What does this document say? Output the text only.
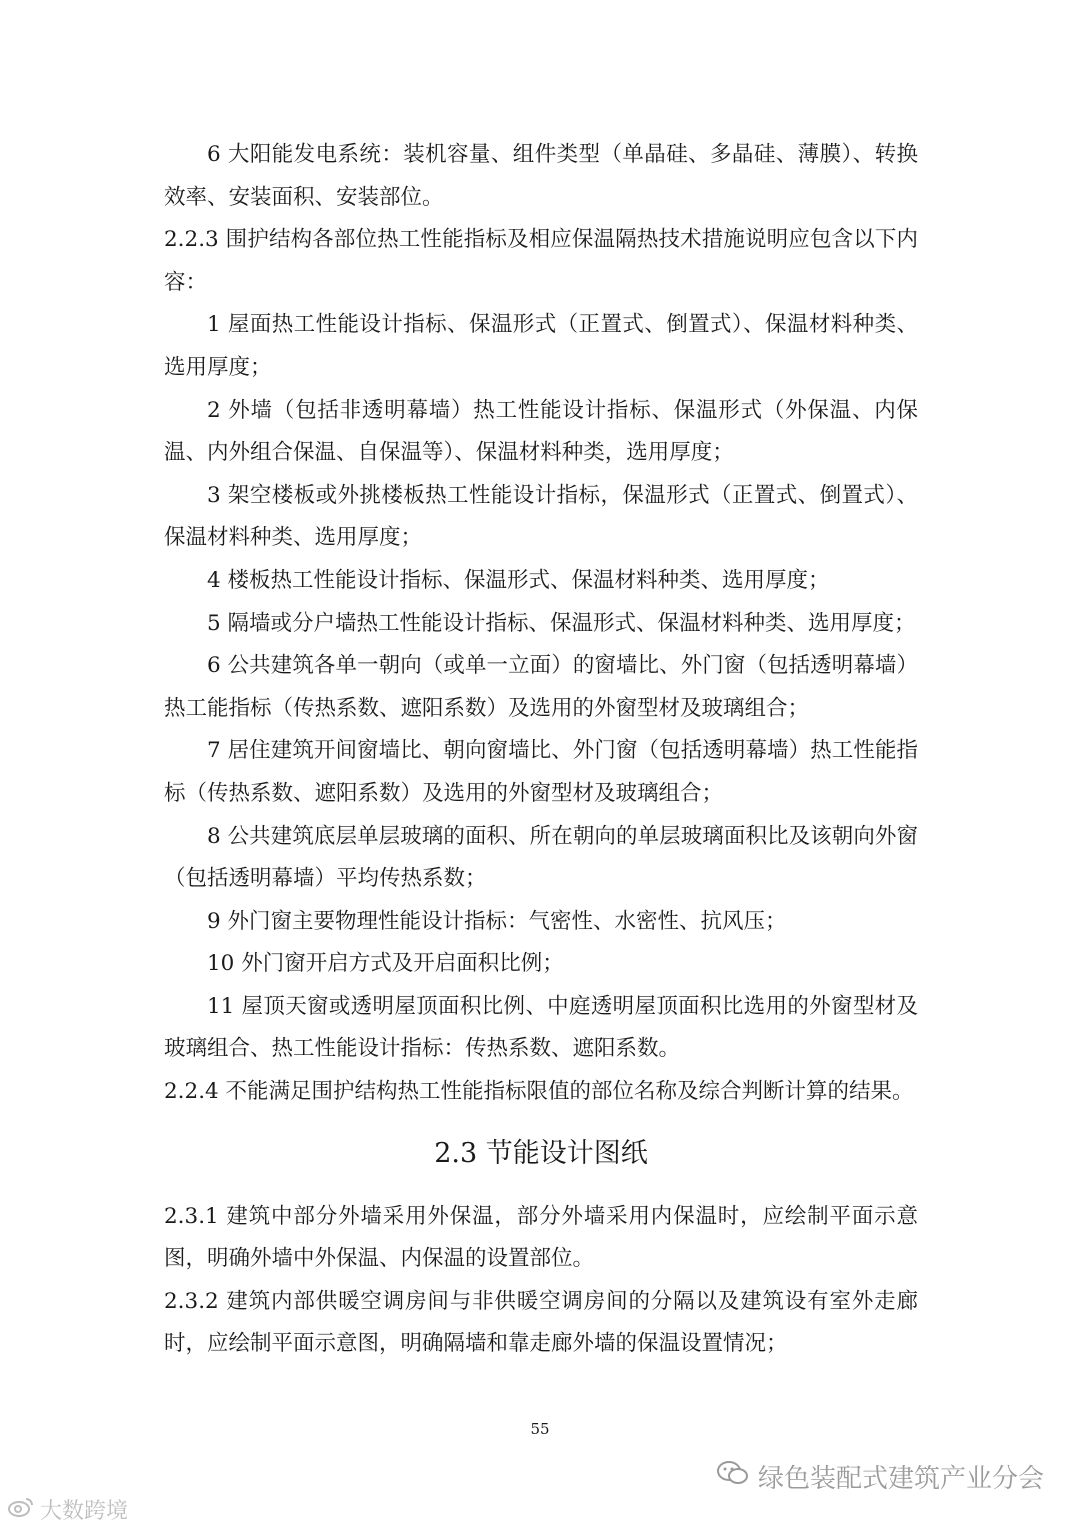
6 大阳能发电系统：装机容量、组件类型（单晶硅、多晶硅、薄膜）、转换效率、安装面积、安装部位。

2.2.3 围护结构各部位热工性能指标及相应保温隔热技术措施说明应包含以下内容：

1 屋面热工性能设计指标、保温形式（正置式、倒置式）、保温材料种类、选用厚度；

2 外墙（包括非透明幕墙）热工性能设计指标、保温形式（外保温、内保温、内外组合保温、自保温等）、保温材料种类，选用厚度；

3 架空楼板或外挑楼板热工性能设计指标，保温形式（正置式、倒置式）、保温材料种类、选用厚度；

4 楼板热工性能设计指标、保温形式、保温材料种类、选用厚度；

5 隔墙或分户墙热工性能设计指标、保温形式、保温材料种类、选用厚度；

6 公共建筑各单一朝向（或单一立面）的窗墙比、外门窗（包括透明幕墙）热工能指标（传热系数、遮阳系数）及选用的外窗型材及玻璃组合；

7 居住建筑开间窗墙比、朝向窗墙比、外门窗（包括透明幕墙）热工性能指标（传热系数、遮阳系数）及选用的外窗型材及玻璃组合；

8 公共建筑底层单层玻璃的面积、所在朝向的单层玻璃面积比及该朝向外窗（包括透明幕墙）平均传热系数；

9 外门窗主要物理性能设计指标：气密性、水密性、抗风压；

10 外门窗开启方式及开启面积比例；

11 屋顶天窗或透明屋顶面积比例、中庭透明屋顶面积比选用的外窗型材及玻璃组合、热工性能设计指标：传热系数、遮阳系数。

2.2.4 不能满足围护结构热工性能指标限值的部位名称及综合判断计算的结果。

2.3 节能设计图纸

2.3.1 建筑中部分外墙采用外保温，部分外墙采用内保温时，应绘制平面示意图，明确外墙中外保温、内保温的设置部位。

2.3.2 建筑内部供暖空调房间与非供暖空调房间的分隔以及建筑设有室外走廊时，应绘制平面示意图，明确隔墙和靠走廊外墙的保温设置情况；

55
大数跨境
绿色装配式建筑产业分会
